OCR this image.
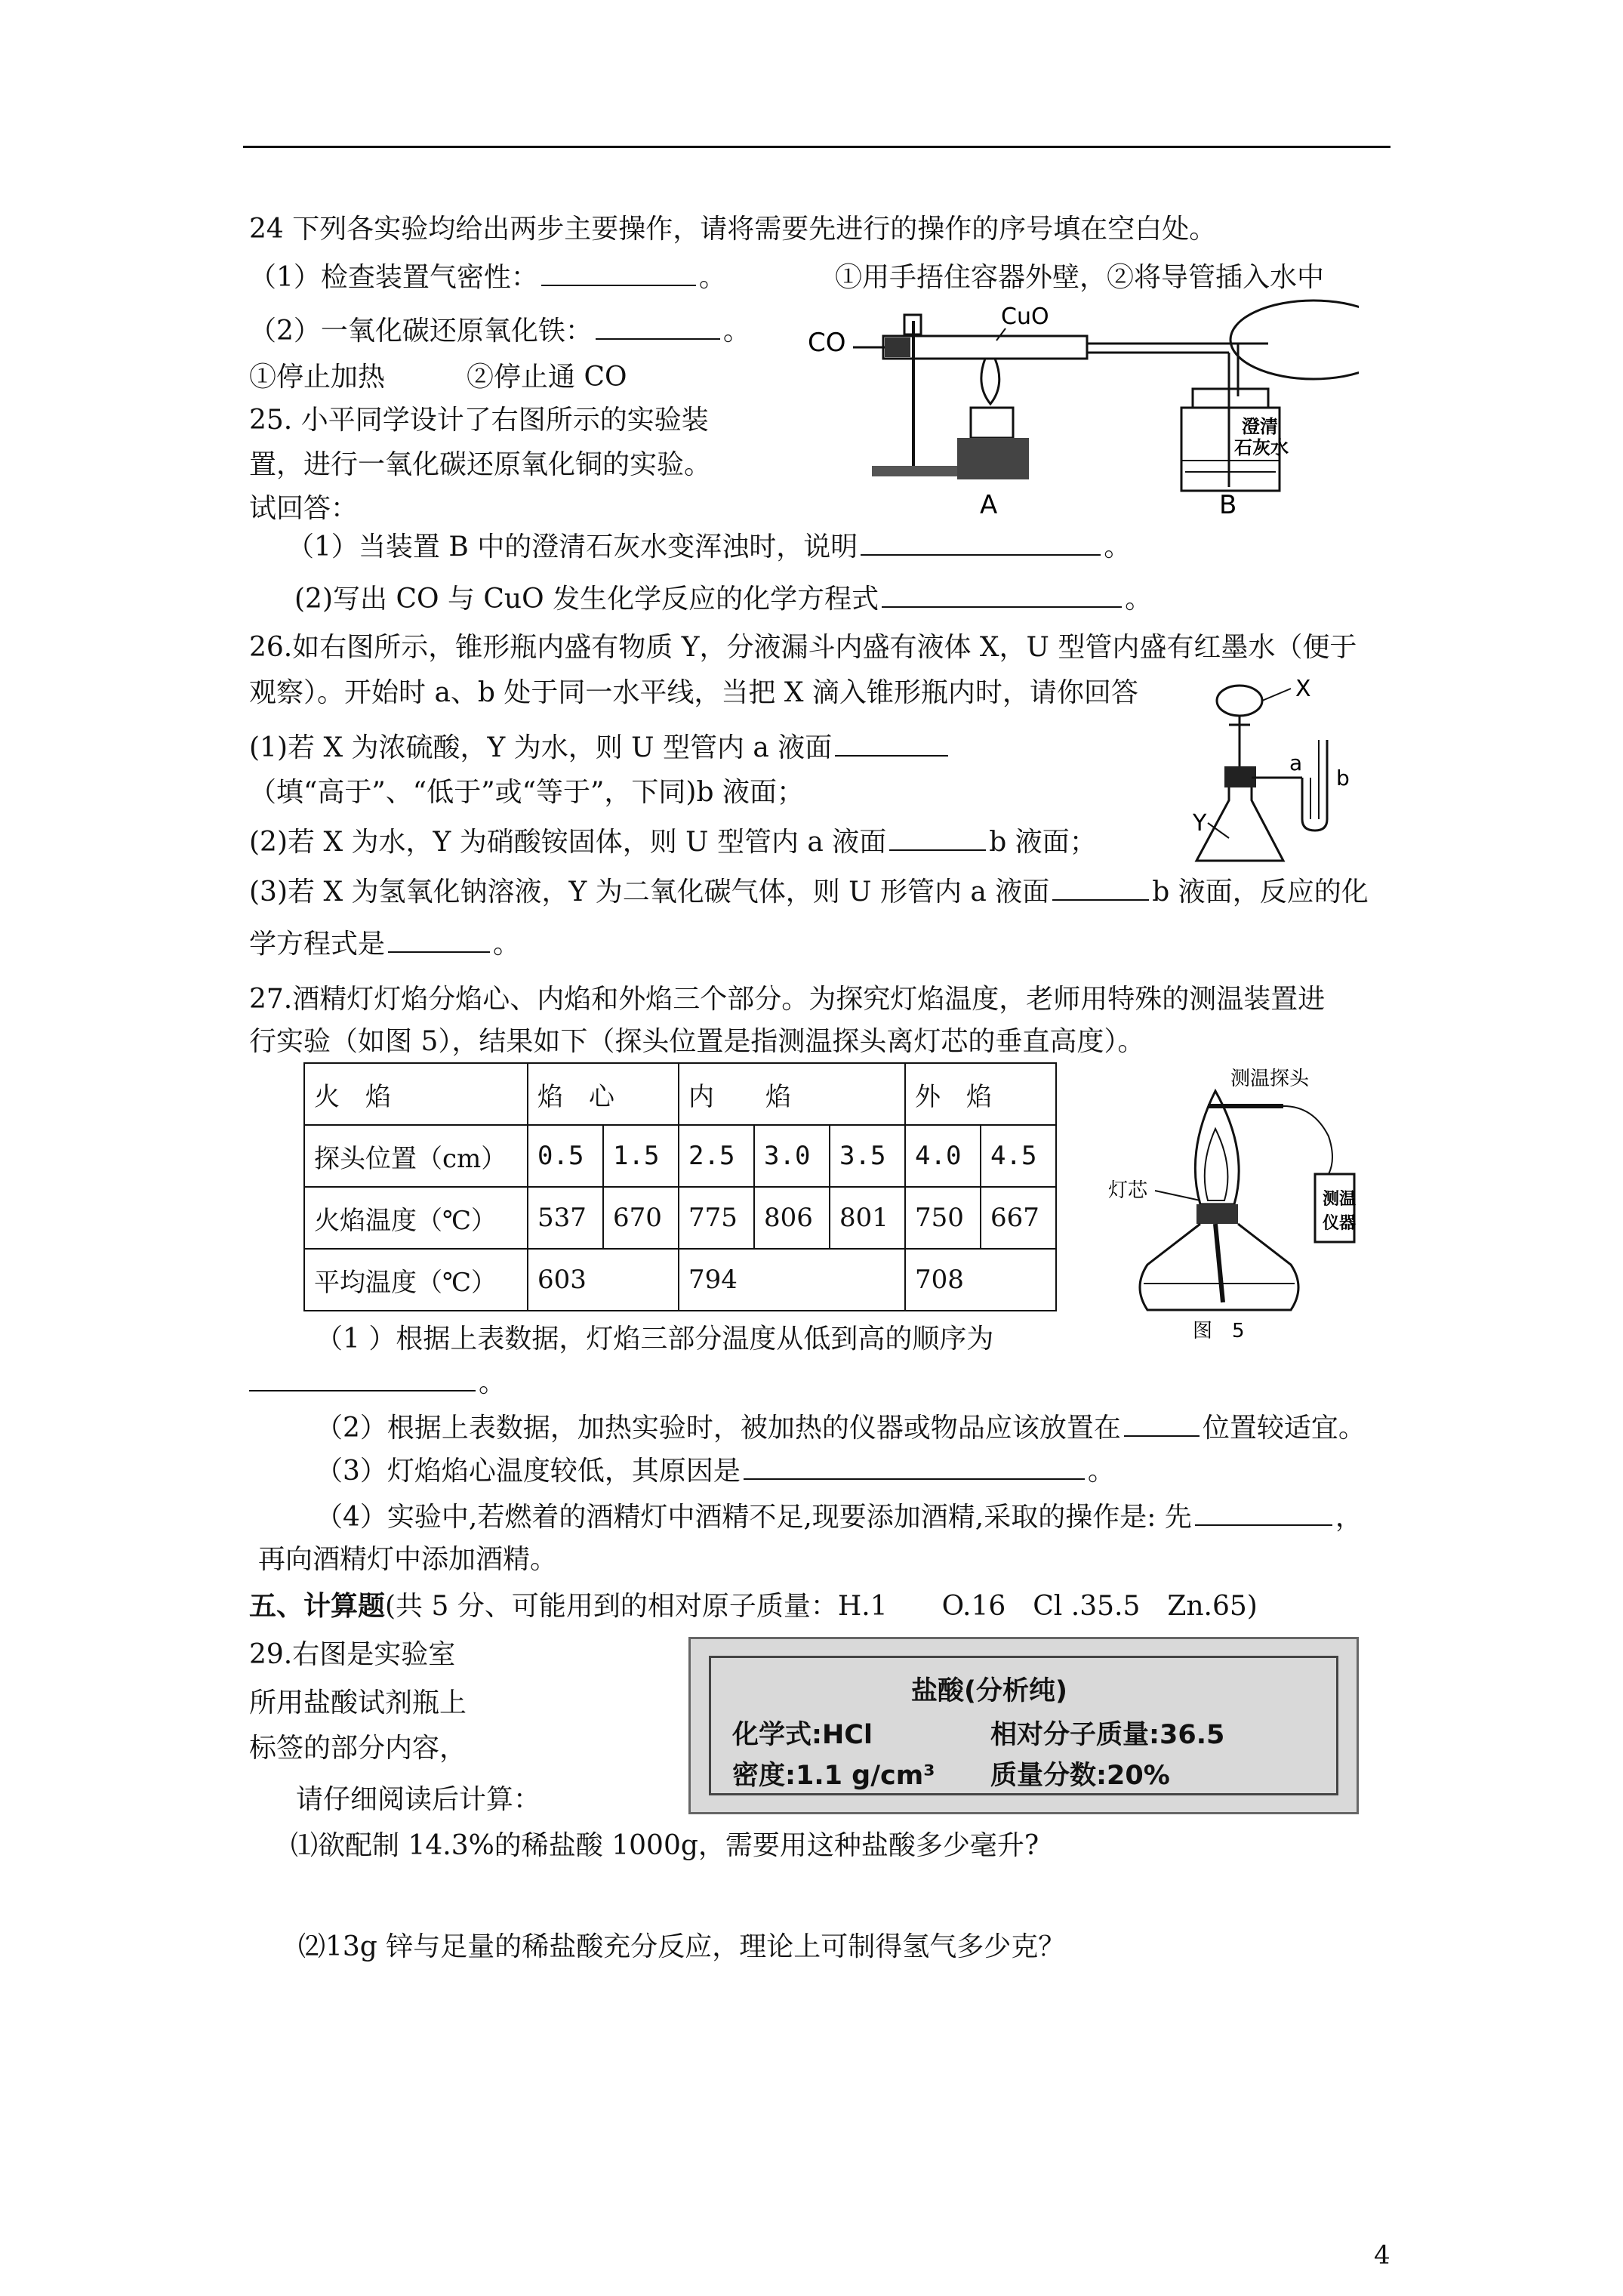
24 下列各实验均给出两步主要操作，请将需要先进行的操作的序号填在空白处。
（1）检查装置气密性：	。	①用手捂住容器外壁，②将导管插入水中
（2）一氧化碳还原氧化铁：	。
①停止加热　　　②停止通 CO
25. 小平同学设计了右图所示的实验装
置，进行一氧化碳还原氧化铜的实验。
试回答：
CO
CuO
A
澄清
石灰水
B
（1）当装置 B 中的澄清石灰水变浑浊时，说明	。
(2)写出 CO 与 CuO 发生化学反应的化学方程式	。
26.如右图所示，锥形瓶内盛有物质 Y，分液漏斗内盛有液体 X，U 型管内盛有红墨水（便于
观察）。开始时 a、b 处于同一水平线，当把 X 滴入锥形瓶内时，请你回答
(1)若 X 为浓硫酸，Y 为水，则 U 型管内 a 液面
（填“高于”、“低于”或“等于”，下同)b 液面；
(2)若 X 为水，Y 为硝酸铵固体，则 U 型管内 a 液面	b 液面；
(3)若 X 为氢氧化钠溶液，Y 为二氧化碳气体，则 U 形管内 a 液面	b 液面，反应的化
学方程式是	。
X
Y
a
b
27.酒精灯灯焰分焰心、内焰和外焰三个部分。为探究灯焰温度，老师用特殊的测温装置进
行实验（如图 5），结果如下（探头位置是指测温探头离灯芯的垂直高度）。
火　焰	焰　心		内　　焰			外　焰	
探头位置（cm）	0.5	1.5	2.5	3.0	3.5	4.0	4.5
火焰温度（℃）	537	670	775	806	801	750	667
平均温度（℃）	603		794			708	
测温探头
测温
仪器
灯芯
图　5
（1 ）根据上表数据，灯焰三部分温度从低到高的顺序为
。
（2）根据上表数据，加热实验时，被加热的仪器或物品应该放置在	位置较适宜。
（3）灯焰焰心温度较低，其原因是	。
（4）实验中,若燃着的酒精灯中酒精不足,现要添加酒精,采取的操作是: 先	，
再向酒精灯中添加酒精。
五、计算题(共 5 分、可能用到的相对原子质量：H.1　　O.16　Cl .35.5　Zn.65)
29.右图是实验室
所用盐酸试剂瓶上
标签的部分内容，
请仔细阅读后计算：
盐酸(分析纯)
化学式:HCl	相对分子质量:36.5
密度:1.1 g/cm³ 质量分数:20%
⑴欲配制 14.3%的稀盐酸 1000g，需要用这种盐酸多少毫升?
⑵13g 锌与足量的稀盐酸充分反应，理论上可制得氢气多少克？
4
